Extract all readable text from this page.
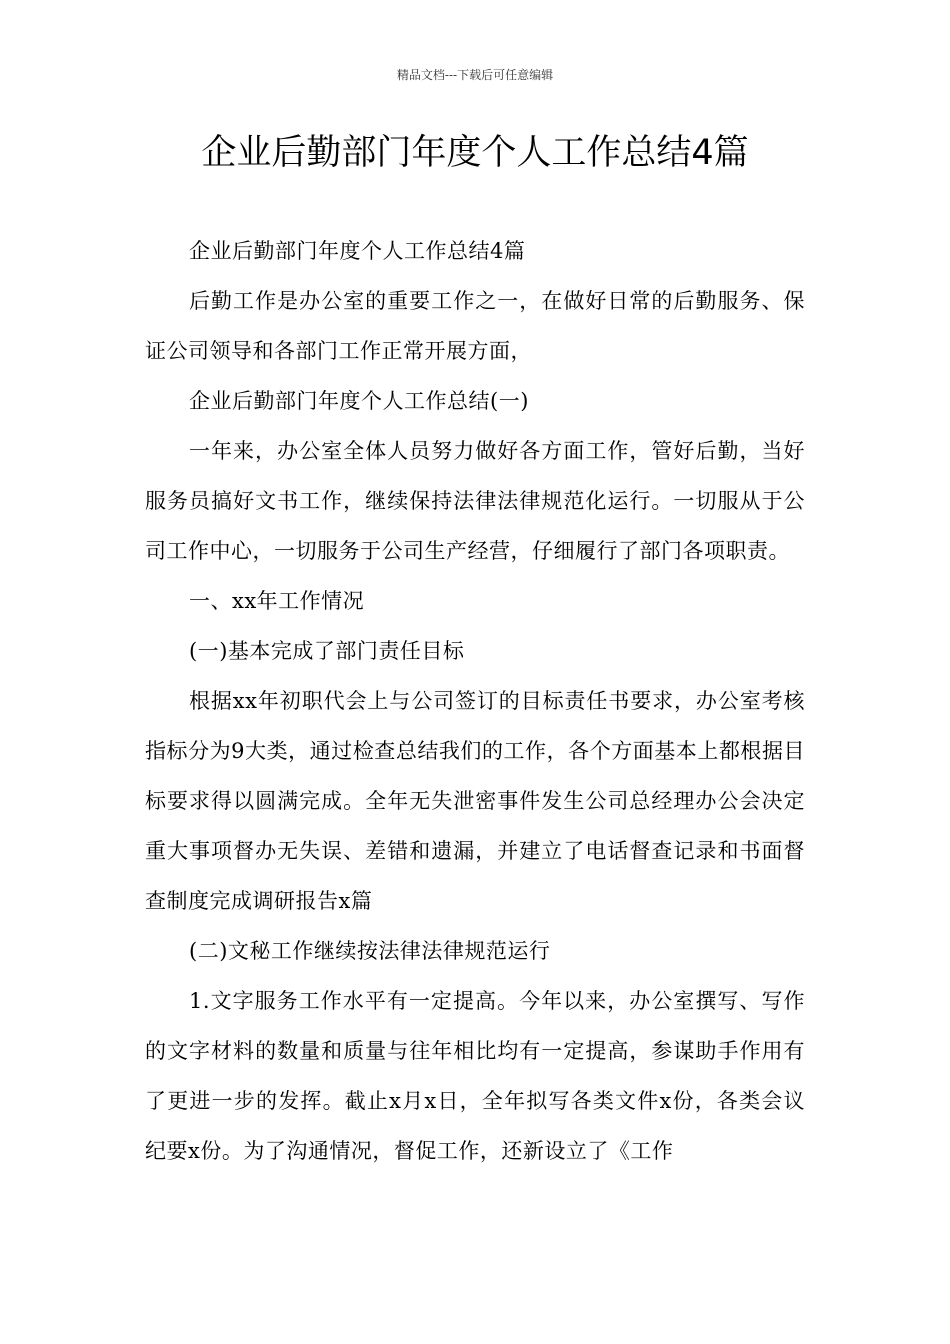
精品文档---下载后可任意编辑
企业后勤部门年度个人工作总结4篇

企业后勤部门年度个人工作总结4篇

后勤工作是办公室的重要工作之一，在做好日常的后勤服务、保证公司领导和各部门工作正常开展方面，

企业后勤部门年度个人工作总结(一)

一年来，办公室全体人员努力做好各方面工作，管好后勤，当好服务员搞好文书工作，继续保持法律法律规范化运行。一切服从于公司工作中心，一切服务于公司生产经营，仔细履行了部门各项职责。

一、xx年工作情况

(一)基本完成了部门责任目标

根据xx年初职代会上与公司签订的目标责任书要求，办公室考核指标分为9大类，通过检查总结我们的工作，各个方面基本上都根据目标要求得以圆满完成。全年无失泄密事件发生公司总经理办公会决定重大事项督办无失误、差错和遗漏，并建立了电话督查记录和书面督查制度完成调研报告x篇

(二)文秘工作继续按法律法律规范运行

1.文字服务工作水平有一定提高。今年以来，办公室撰写、写作的文字材料的数量和质量与往年相比均有一定提高，参谋助手作用有了更进一步的发挥。截止x月x日，全年拟写各类文件x份，各类会议纪要x份。为了沟通情况，督促工作，还新设立了《工作
